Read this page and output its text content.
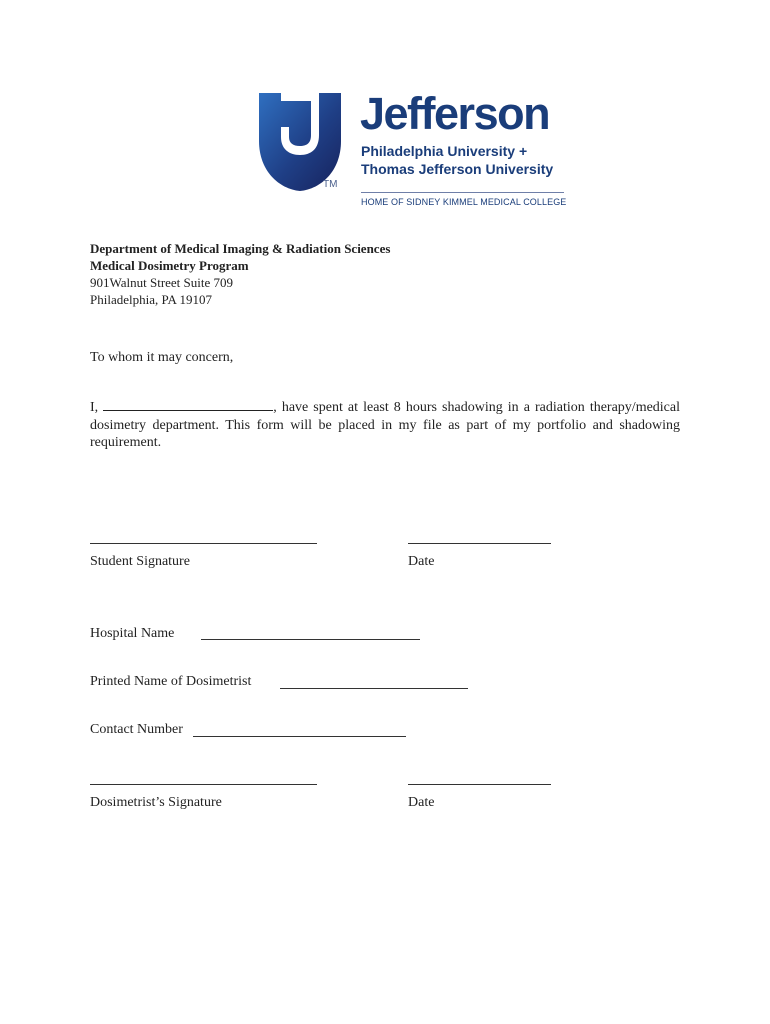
TM
Jefferson
Philadelphia University +
Thomas Jefferson University
HOME OF SIDNEY KIMMEL MEDICAL COLLEGE
Department of Medical Imaging & Radiation Sciences
Medical Dosimetry Program
901Walnut Street Suite 709
Philadelphia, PA 19107
To whom it may concern,
I,	, have spent at least 8 hours shadowing in a radiation therapy/medical dosimetry department. This form will be placed in my file as part of my portfolio and shadowing requirement.
Student Signature	Date
Hospital Name
Printed Name of Dosimetrist
Contact Number
Dosimetrist’s Signature	Date
